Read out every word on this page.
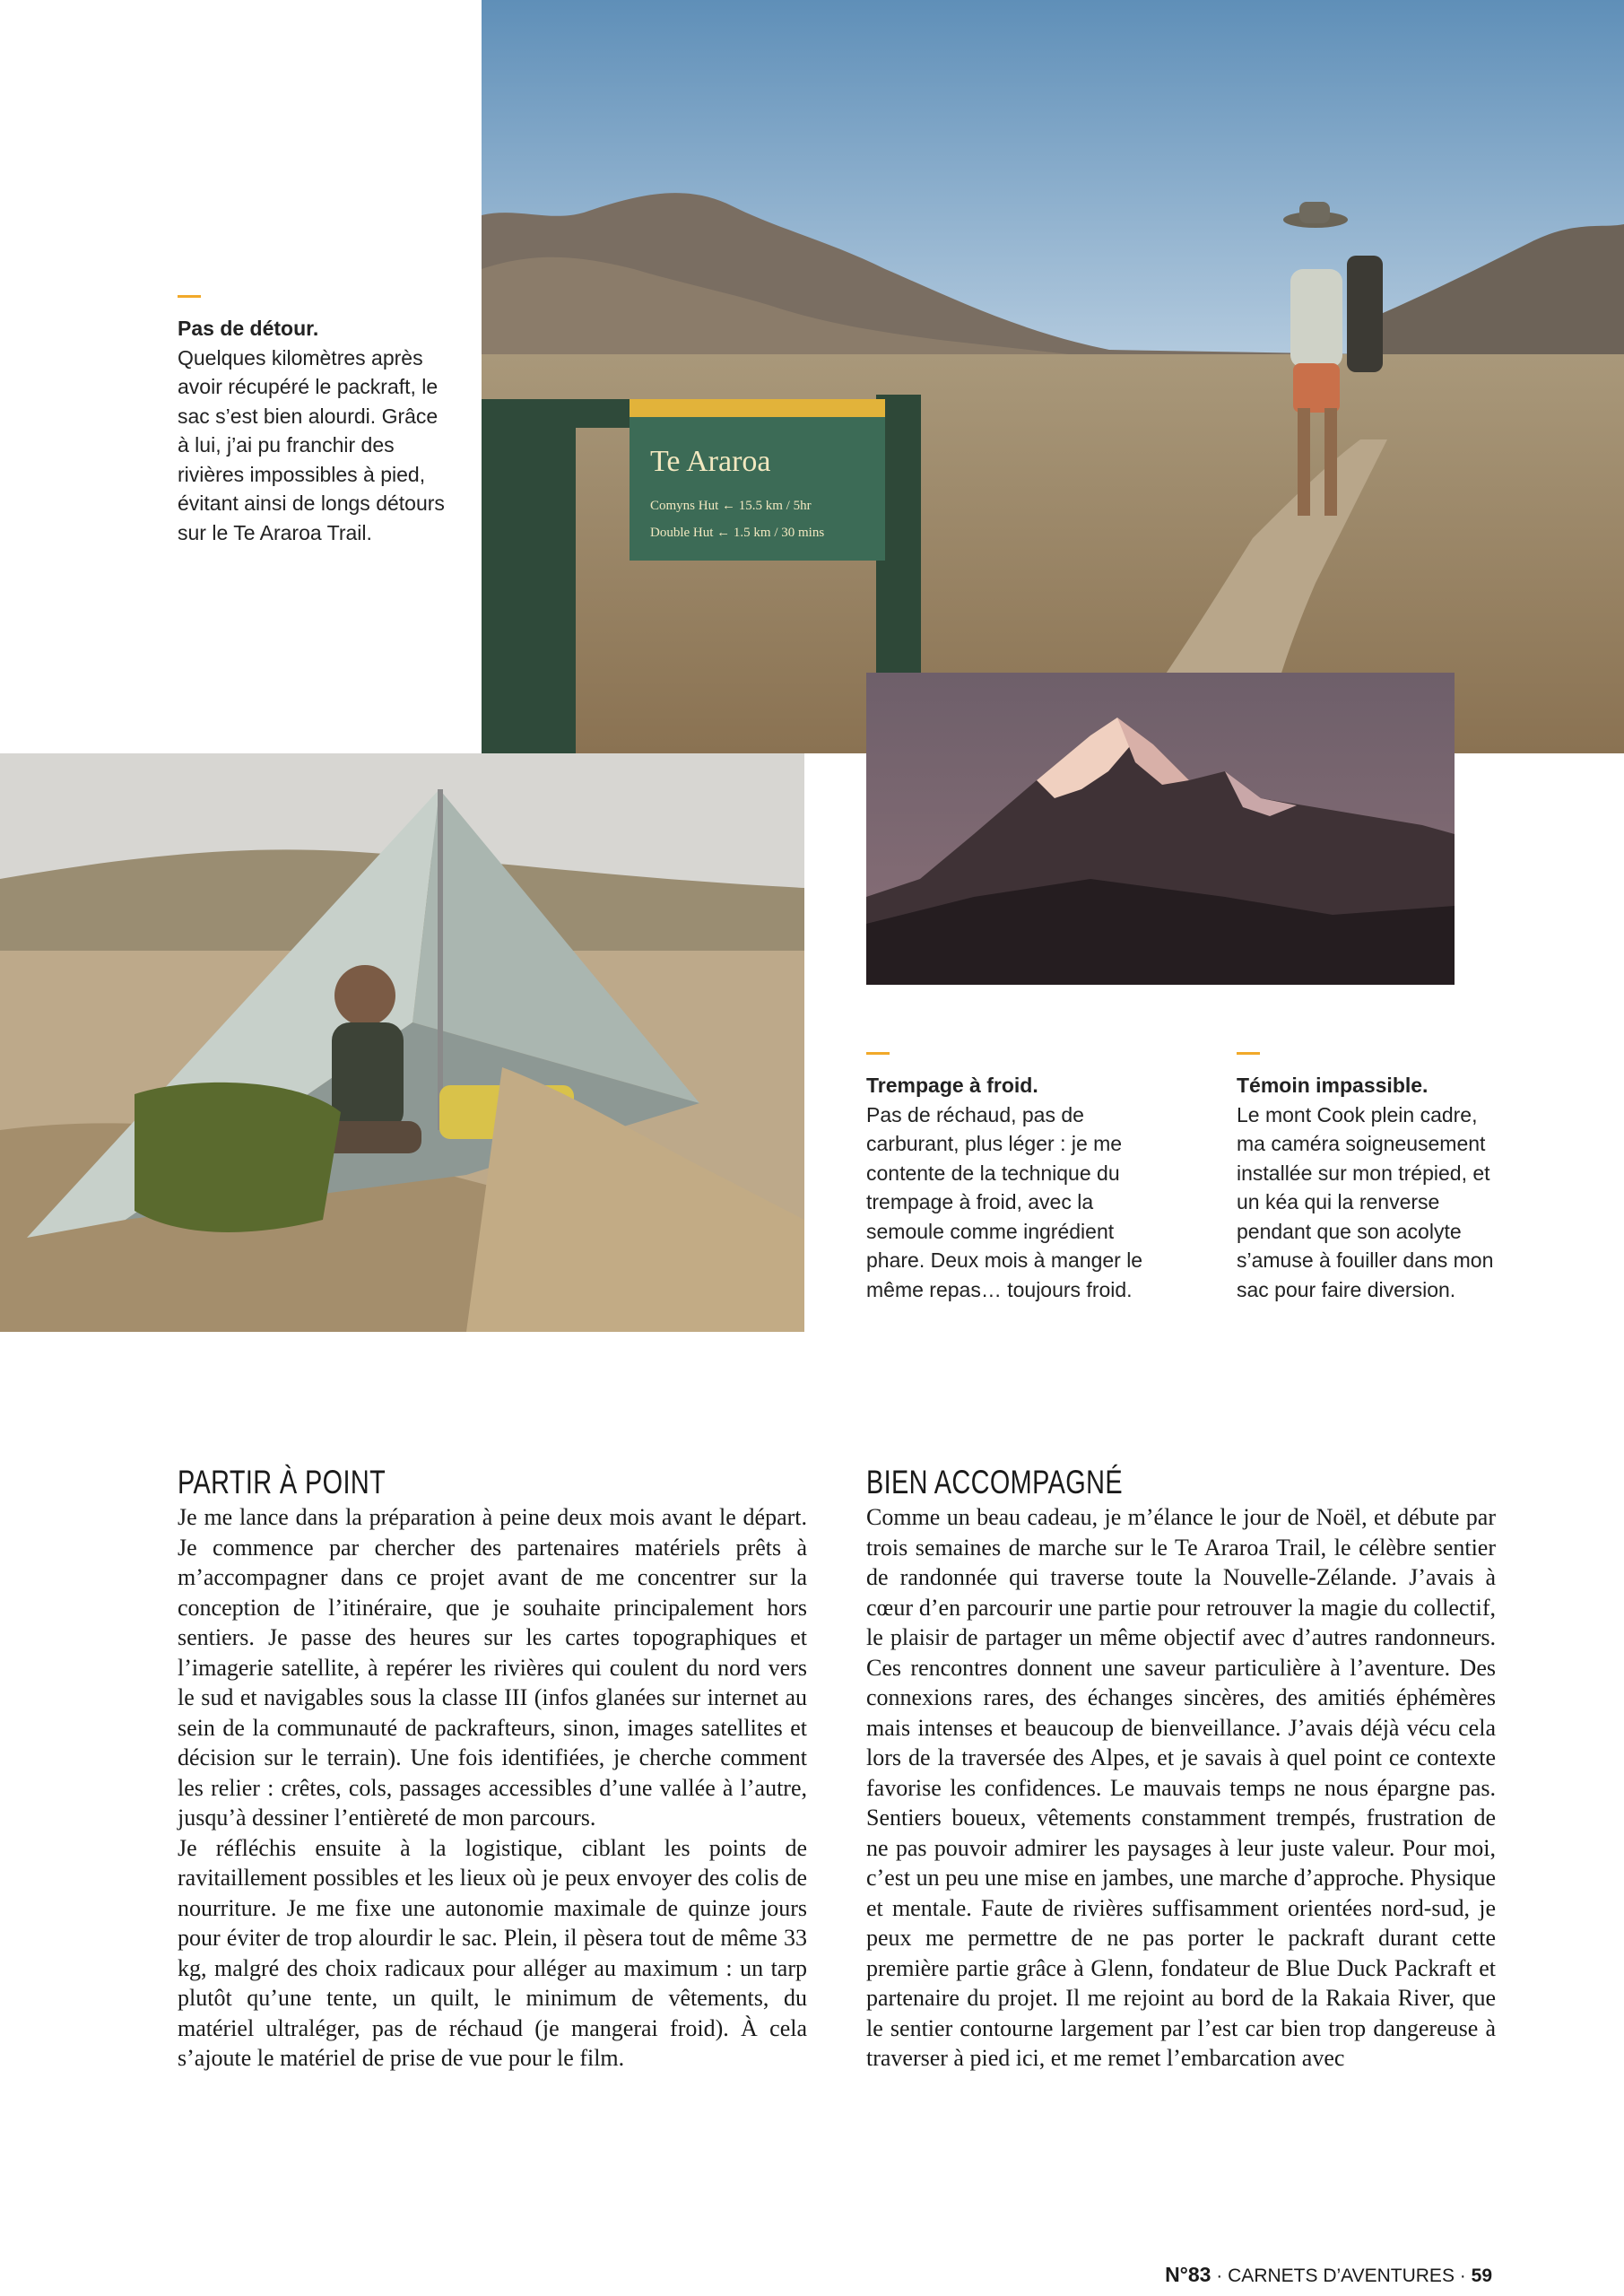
Te Araroa
Comyns Hut ← 15.5 km / 5hr
Double Hut ← 1.5 km / 30 mins
Pas de détour.
Quelques kilomètres après avoir récupéré le packraft, le sac s’est bien alourdi. Grâce à lui, j’ai pu franchir des rivières impossibles à pied, évitant ainsi de longs détours sur le Te Araroa Trail.
Trempage à froid.
Pas de réchaud, pas de carburant, plus léger : je me contente de la technique du trempage à froid, avec la semoule comme ingrédient phare. Deux mois à manger le même repas… toujours froid.
Témoin impassible.
Le mont Cook plein cadre, ma caméra soigneusement installée sur mon trépied, et un kéa qui la renverse pendant que son acolyte s’amuse à fouiller dans mon sac pour faire diversion.
PARTIR À POINT

Je me lance dans la préparation à peine deux mois avant le départ. Je commence par chercher des partenaires matériels prêts à m’accompagner dans ce projet avant de me concentrer sur la conception de l’itinéraire, que je souhaite principalement hors sentiers. Je passe des heures sur les cartes topographiques et l’imagerie satellite, à repérer les rivières qui coulent du nord vers le sud et navigables sous la classe III (infos glanées sur internet au sein de la communauté de packrafteurs, sinon, images satellites et décision sur le terrain). Une fois identifiées, je cherche comment les relier : crêtes, cols, passages accessibles d’une vallée à l’autre, jusqu’à dessiner l’entièreté de mon parcours.

Je réfléchis ensuite à la logistique, ciblant les points de ravitaillement possibles et les lieux où je peux envoyer des colis de nourriture. Je me fixe une autonomie maximale de quinze jours pour éviter de trop alourdir le sac. Plein, il pèsera tout de même 33 kg, malgré des choix radicaux pour alléger au maximum : un tarp plutôt qu’une tente, un quilt, le minimum de vêtements, du matériel ultraléger, pas de réchaud (je mangerai froid). À cela s’ajoute le matériel de prise de vue pour le film.

BIEN ACCOMPAGNÉ

Comme un beau cadeau, je m’élance le jour de Noël, et débute par trois semaines de marche sur le Te Araroa Trail, le célèbre sentier de randonnée qui traverse toute la Nouvelle-Zélande. J’avais à cœur d’en parcourir une partie pour retrouver la magie du collectif, le plaisir de partager un même objectif avec d’autres randonneurs. Ces rencontres donnent une saveur particulière à l’aventure. Des connexions rares, des échanges sincères, des amitiés éphémères mais intenses et beaucoup de bienveillance. J’avais déjà vécu cela lors de la traversée des Alpes, et je savais à quel point ce contexte favorise les confidences. Le mauvais temps ne nous épargne pas. Sentiers boueux, vêtements constamment trempés, frustration de ne pas pouvoir admirer les paysages à leur juste valeur. Pour moi, c’est un peu une mise en jambes, une marche d’approche. Physique et mentale. Faute de rivières suffisamment orientées nord-sud, je peux me permettre de ne pas porter le packraft durant cette première partie grâce à Glenn, fondateur de Blue Duck Packraft et partenaire du projet. Il me rejoint au bord de la Rakaia River, que le sentier contourne largement par l’est car bien trop dangereuse à traverser à pied ici, et me remet l’embarcation avec

N°83 · CARNETS D’AVENTURES · 59
